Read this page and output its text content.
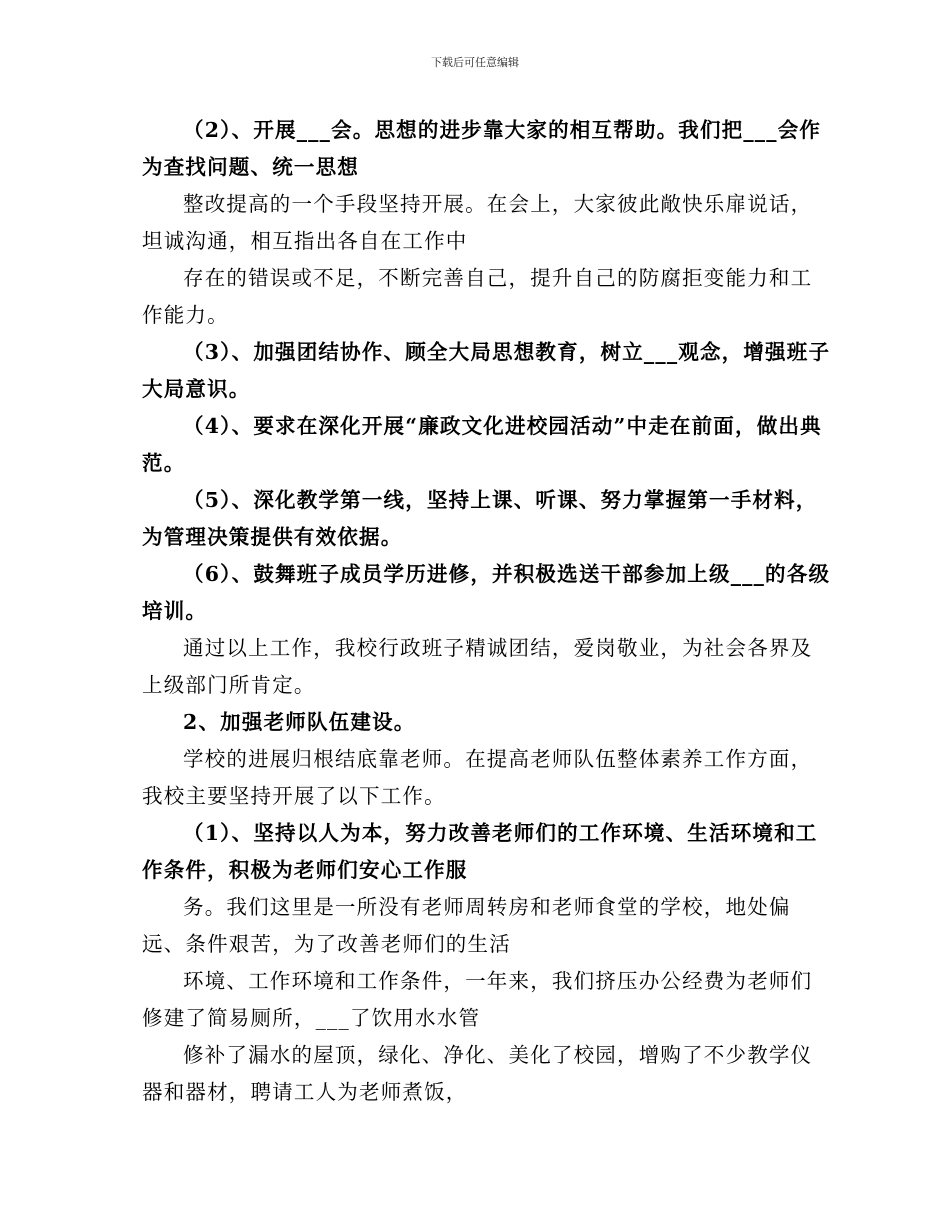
下载后可任意编辑

（2）、开展___会。思想的进步靠大家的相互帮助。我们把___会作为查找问题、统一思想

整改提高的一个手段坚持开展。在会上，大家彼此敞快乐扉说话，坦诚沟通，相互指出各自在工作中

存在的错误或不足，不断完善自己，提升自己的防腐拒变能力和工作能力。

（3）、加强团结协作、顾全大局思想教育，树立___观念，增强班子大局意识。

（4）、要求在深化开展“廉政文化进校园活动”中走在前面，做出典范。

（5）、深化教学第一线，坚持上课、听课、努力掌握第一手材料，为管理决策提供有效依据。

（6）、鼓舞班子成员学历进修，并积极选送干部参加上级___的各级培训。

通过以上工作，我校行政班子精诚团结，爱岗敬业，为社会各界及上级部门所肯定。

2、加强老师队伍建设。

学校的进展归根结底靠老师。在提高老师队伍整体素养工作方面，我校主要坚持开展了以下工作。

（1）、坚持以人为本，努力改善老师们的工作环境、生活环境和工作条件，积极为老师们安心工作服

务。我们这里是一所没有老师周转房和老师食堂的学校，地处偏远、条件艰苦，为了改善老师们的生活

环境、工作环境和工作条件，一年来，我们挤压办公经费为老师们修建了简易厕所，___了饮用水水管

修补了漏水的屋顶，绿化、净化、美化了校园，增购了不少教学仪器和器材，聘请工人为老师煮饭，
